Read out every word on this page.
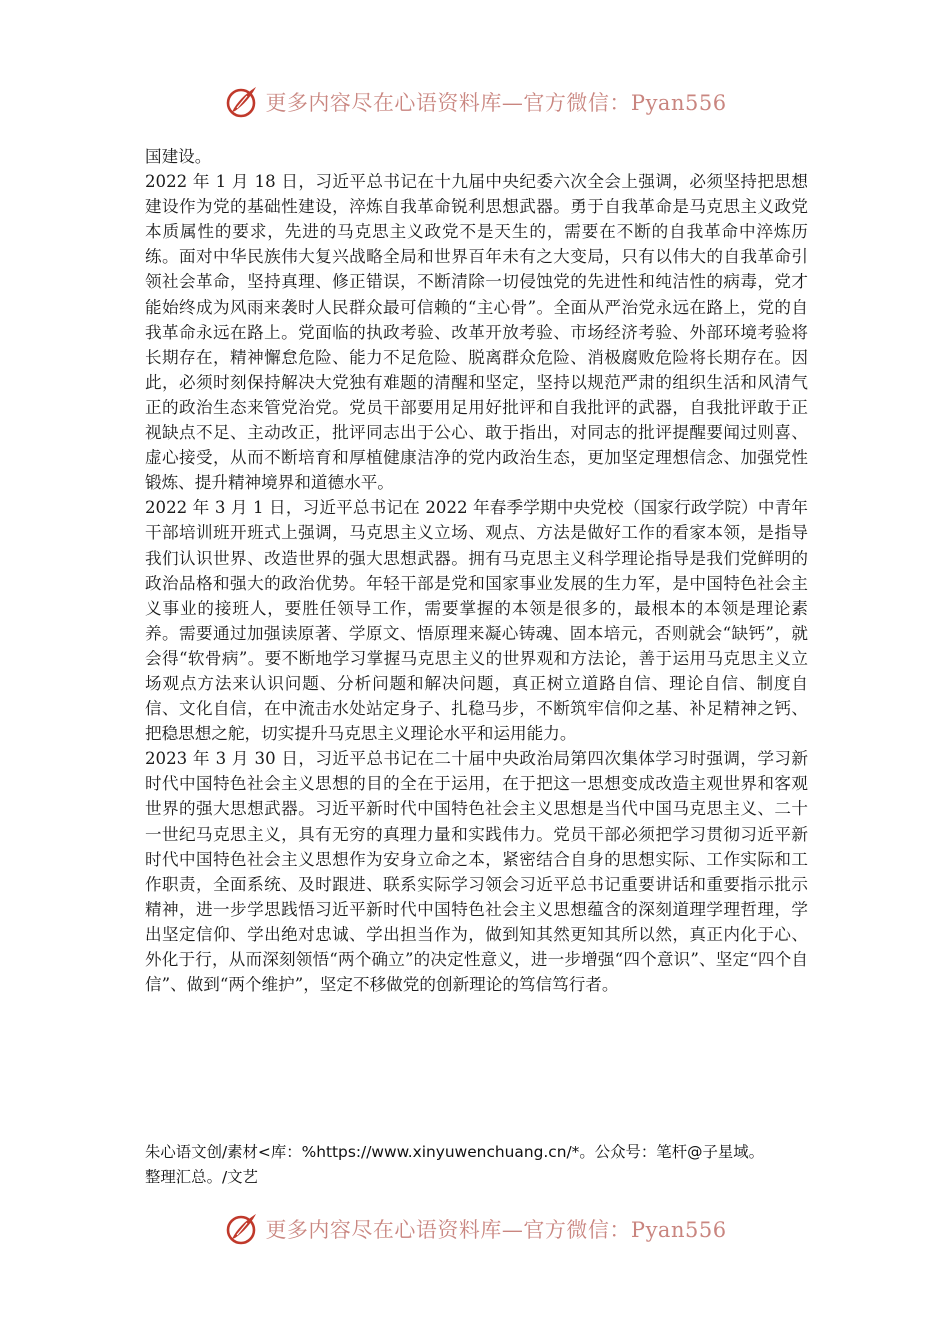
更多内容尽在心语资料库—官方微信：Pyan556

国建设。

2022 年 1 月 18 日，习近平总书记在十九届中央纪委六次全会上强调，必须坚持把思想建设作为党的基础性建设，淬炼自我革命锐利思想武器。勇于自我革命是马克思主义政党本质属性的要求，先进的马克思主义政党不是天生的，需要在不断的自我革命中淬炼历练。面对中华民族伟大复兴战略全局和世界百年未有之大变局，只有以伟大的自我革命引领社会革命，坚持真理、修正错误，不断清除一切侵蚀党的先进性和纯洁性的病毒，党才能始终成为风雨来袭时人民群众最可信赖的“主心骨”。全面从严治党永远在路上，党的自我革命永远在路上。党面临的执政考验、改革开放考验、市场经济考验、外部环境考验将长期存在，精神懈怠危险、能力不足危险、脱离群众危险、消极腐败危险将长期存在。因此，必须时刻保持解决大党独有难题的清醒和坚定，坚持以规范严肃的组织生活和风清气正的政治生态来管党治党。党员干部要用足用好批评和自我批评的武器，自我批评敢于正视缺点不足、主动改正，批评同志出于公心、敢于指出，对同志的批评提醒要闻过则喜、虚心接受，从而不断培育和厚植健康洁净的党内政治生态，更加坚定理想信念、加强党性锻炼、提升精神境界和道德水平。

2022 年 3 月 1 日，习近平总书记在 2022 年春季学期中央党校（国家行政学院）中青年干部培训班开班式上强调，马克思主义立场、观点、方法是做好工作的看家本领，是指导我们认识世界、改造世界的强大思想武器。拥有马克思主义科学理论指导是我们党鲜明的政治品格和强大的政治优势。年轻干部是党和国家事业发展的生力军，是中国特色社会主义事业的接班人，要胜任领导工作，需要掌握的本领是很多的，最根本的本领是理论素养。需要通过加强读原著、学原文、悟原理来凝心铸魂、固本培元，否则就会“缺钙”，就会得“软骨病”。要不断地学习掌握马克思主义的世界观和方法论，善于运用马克思主义立场观点方法来认识问题、分析问题和解决问题，真正树立道路自信、理论自信、制度自信、文化自信，在中流击水处站定身子、扎稳马步，不断筑牢信仰之基、补足精神之钙、把稳思想之舵，切实提升马克思主义理论水平和运用能力。

2023 年 3 月 30 日，习近平总书记在二十届中央政治局第四次集体学习时强调，学习新时代中国特色社会主义思想的目的全在于运用，在于把这一思想变成改造主观世界和客观世界的强大思想武器。习近平新时代中国特色社会主义思想是当代中国马克思主义、二十一世纪马克思主义，具有无穷的真理力量和实践伟力。党员干部必须把学习贯彻习近平新时代中国特色社会主义思想作为安身立命之本，紧密结合自身的思想实际、工作实际和工作职责，全面系统、及时跟进、联系实际学习领会习近平总书记重要讲话和重要指示批示精神，进一步学思践悟习近平新时代中国特色社会主义思想蕴含的深刻道理学理哲理，学出坚定信仰、学出绝对忠诚、学出担当作为，做到知其然更知其所以然，真正内化于心、外化于行，从而深刻领悟“两个确立”的决定性意义，进一步增强“四个意识”、坚定“四个自信”、做到“两个维护”，坚定不移做党的创新理论的笃信笃行者。

朱心语文创/素材<库：%https://www.xinyuwenchuang.cn/*。公众号：笔杆@子星域。

整理汇总。/文艺

更多内容尽在心语资料库—官方微信：Pyan556
